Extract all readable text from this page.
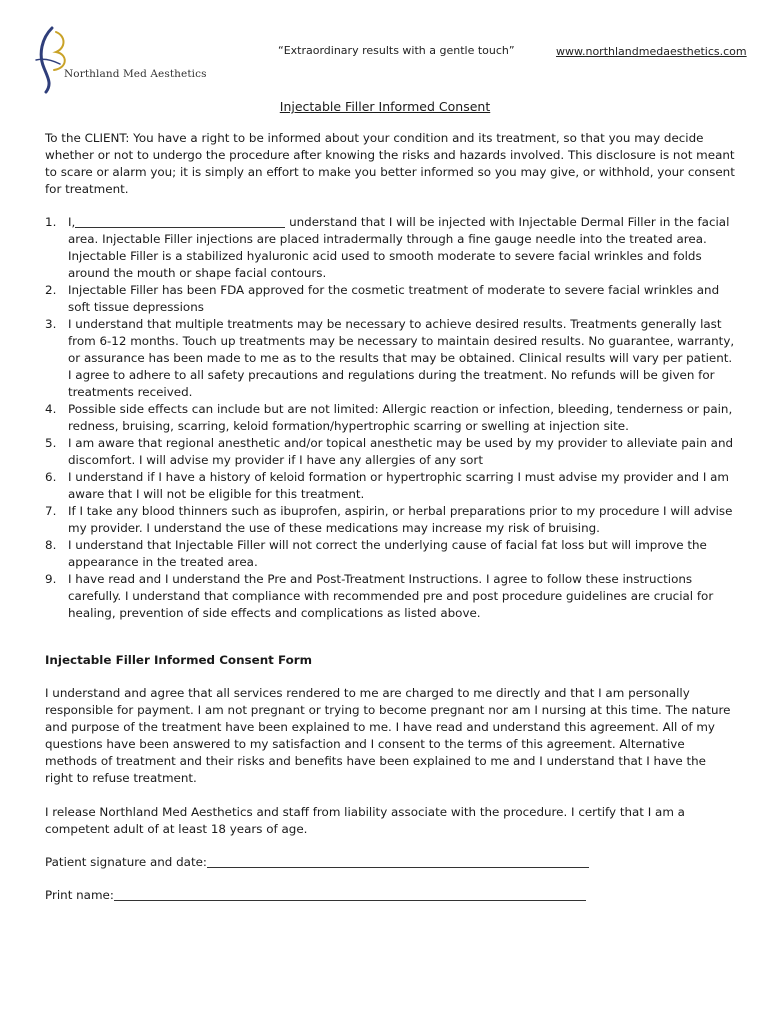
Northland Med Aesthetics
“Extraordinary results with a gentle touch”	www.northlandmedaesthetics.com
Injectable Filler Informed Consent

To the CLIENT: You have a right to be informed about your condition and its treatment, so that you may decide whether or not to undergo the procedure after knowing the risks and hazards involved. This disclosure is not meant to scare or alarm you; it is simply an effort to make you better informed so you may give, or withhold, your consent for treatment.

1. I,	understand that I will be injected with Injectable Dermal Filler in the facial area. Injectable Filler injections are placed intradermally through a fine gauge needle into the treated area. Injectable Filler is a stabilized hyaluronic acid used to smooth moderate to severe facial wrinkles and folds around the mouth or shape facial contours.
2. Injectable Filler has been FDA approved for the cosmetic treatment of moderate to severe facial wrinkles and soft tissue depressions
3. I understand that multiple treatments may be necessary to achieve desired results. Treatments generally last from 6-12 months. Touch up treatments may be necessary to maintain desired results. No guarantee, warranty, or assurance has been made to me as to the results that may be obtained. Clinical results will vary per patient. I agree to adhere to all safety precautions and regulations during the treatment. No refunds will be given for treatments received.
4. Possible side effects can include but are not limited: Allergic reaction or infection, bleeding, tenderness or pain, redness, bruising, scarring, keloid formation/hypertrophic scarring or swelling at injection site.
5. I am aware that regional anesthetic and/or topical anesthetic may be used by my provider to alleviate pain and discomfort. I will advise my provider if I have any allergies of any sort
6. I understand if I have a history of keloid formation or hypertrophic scarring I must advise my provider and I am aware that I will not be eligible for this treatment.
7. If I take any blood thinners such as ibuprofen, aspirin, or herbal preparations prior to my procedure I will advise my provider. I understand the use of these medications may increase my risk of bruising.
8. I understand that Injectable Filler will not correct the underlying cause of facial fat loss but will improve the appearance in the treated area.
9. I have read and I understand the Pre and Post-Treatment Instructions. I agree to follow these instructions carefully. I understand that compliance with recommended pre and post procedure guidelines are crucial for healing, prevention of side effects and complications as listed above.
Injectable Filler Informed Consent Form

I understand and agree that all services rendered to me are charged to me directly and that I am personally responsible for payment. I am not pregnant or trying to become pregnant nor am I nursing at this time. The nature and purpose of the treatment have been explained to me. I have read and understand this agreement. All of my questions have been answered to my satisfaction and I consent to the terms of this agreement. Alternative methods of treatment and their risks and benefits have been explained to me and I understand that I have the right to refuse treatment.

I release Northland Med Aesthetics and staff from liability associate with the procedure. I certify that I am a competent adult of at least 18 years of age.

Patient signature and date:
Print name:
